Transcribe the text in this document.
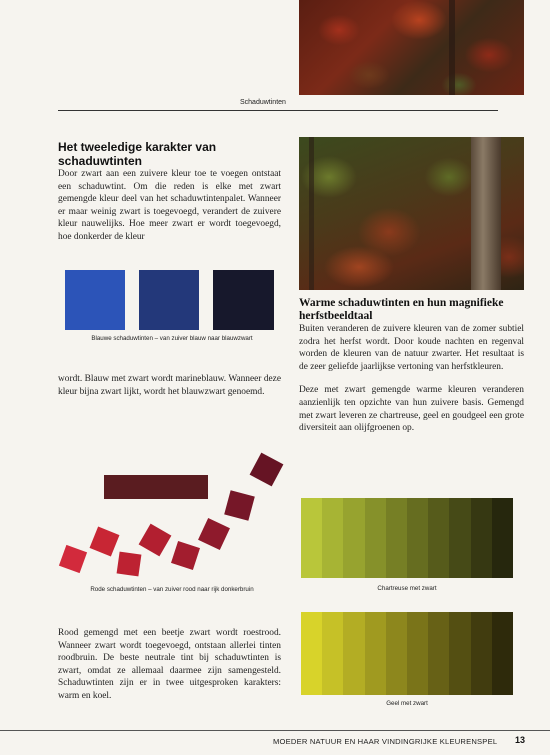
Schaduwtinten
Het tweeledige karakter van schaduwtinten

Door zwart aan een zuivere kleur toe te voegen ontstaat een schaduwtint. Om die reden is elke met zwart gemengde kleur deel van het schaduwtintenpalet. Wanneer er maar weinig zwart is toegevoegd, verandert de zuivere kleur nauwelijks. Hoe meer zwart er wordt toegevoegd, hoe donkerder de kleur

Blauwe schaduwtinten – van zuiver blauw naar blauwzwart

wordt. Blauw met zwart wordt marineblauw. Wanneer deze kleur bijna zwart lijkt, wordt het blauwzwart genoemd.

Rode schaduwtinten – van zuiver rood naar rijk donkerbruin

Rood gemengd met een beetje zwart wordt roestrood. Wanneer zwart wordt toegevoegd, ontstaan allerlei tinten roodbruin. De beste neutrale tint bij schaduwtinten is zwart, omdat ze allemaal daarmee zijn samengesteld. Schaduwtinten zijn er in twee uitgesproken karakters: warm en koel.

Warme schaduwtinten en hun magnifieke herfstbeeldtaal

Buiten veranderen de zuivere kleuren van de zomer subtiel zodra het herfst wordt. Door koude nachten en regenval worden de kleuren van de natuur zwarter. Het resultaat is de zeer geliefde jaarlijkse vertoning van herfstkleuren.

Deze met zwart gemengde warme kleuren veranderen aanzienlijk ten opzichte van hun zuivere basis. Gemengd met zwart leveren ze chartreuse, geel en goudgeel een grote diversiteit aan olijfgroenen op.

Chartreuse met zwart
Geel met zwart
MOEDER NATUUR EN HAAR VINDINGRIJKE KLEURENSPEL 13
